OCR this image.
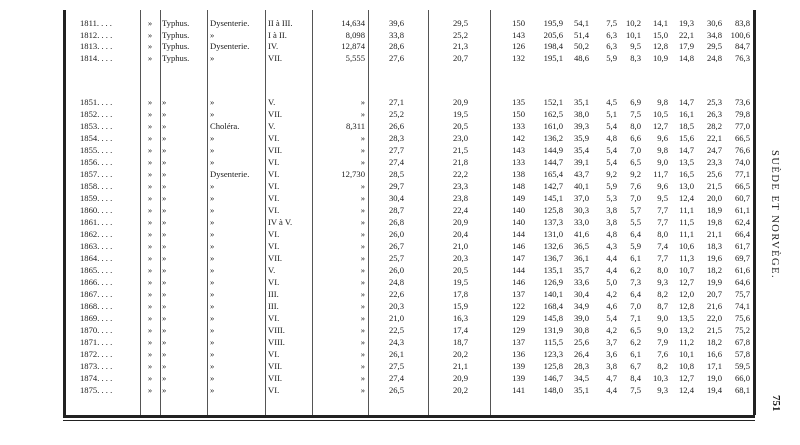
1811. . . .	»	Typhus.	Dysenterie.	II à III.	14,634	39,6	29,5	150	195,9	54,1	7,5	10,2	14,1	19,3	30,6	83,8
1812. . . .	»	Typhus.	»	I à II.	8,098	33,8	25,2	143	205,6	51,4	6,3	10,1	15,0	22,1	34,8	100,6
1813. . . .	»	Typhus.	Dysenterie.	IV.	12,874	28,6	21,3	126	198,4	50,2	6,3	9,5	12,8	17,9	29,5	84,7
1814. . . .	»	Typhus.	»	VII.	5,555	27,6	20,7	132	195,1	48,6	5,9	8,3	10,9	14,8	24,8	76,3
1851. . . .	»	»	»	V.	»	27,1	20,9	135	152,1	35,1	4,5	6,9	9,8	14,7	25,3	73,6
1852. . . .	»	»	»	VII.	»	25,2	19,5	150	162,5	38,0	5,1	7,5	10,5	16,1	26,3	79,8
1853. . . .	»	»	Choléra.	V.	8,311	26,6	20,5	133	161,0	39,3	5,4	8,0	12,7	18,5	28,2	77,0
1854. . . .	»	»	»	VI.	»	28,3	23,0	142	136,2	35,9	4,8	6,6	9,6	15,6	22,1	66,5
1855. . . .	»	»	»	VII.	»	27,7	21,5	143	144,9	35,4	5,4	7,0	9,8	14,7	24,7	76,6
1856. . . .	»	»	»	VI.	»	27,4	21,8	133	144,7	39,1	5,4	6,5	9,0	13,5	23,3	74,0
1857. . . .	»	»	Dysenterie.	VI.	12,730	28,5	22,2	138	165,4	43,7	9,2	9,2	11,7	16,5	25,6	77,1
1858. . . .	»	»	»	VI.	»	29,7	23,3	148	142,7	40,1	5,9	7,6	9,6	13,0	21,5	66,5
1859. . . .	»	»	»	VI.	»	30,4	23,8	149	145,1	37,0	5,3	7,0	9,5	12,4	20,0	60,7
1860. . . .	»	»	»	VI.	»	28,7	22,4	140	125,8	30,3	3,8	5,7	7,7	11,1	18,9	61,1
1861. . . .	»	»	»	IV à V.	»	26,8	20,9	140	137,3	33,0	3,8	5,5	7,7	11,5	19,8	62,4
1862. . . .	»	»	»	VI.	»	26,0	20,4	144	131,0	41,6	4,8	6,4	8,0	11,1	21,1	66,4
1863. . . .	»	»	»	VI.	»	26,7	21,0	146	132,6	36,5	4,3	5,9	7,4	10,6	18,3	61,7
1864. . . .	»	»	»	VII.	»	25,7	20,3	147	136,7	36,1	4,4	6,1	7,7	11,3	19,6	69,7
1865. . . .	»	»	»	V.	»	26,0	20,5	144	135,1	35,7	4,4	6,2	8,0	10,7	18,2	61,6
1866. . . .	»	»	»	VI.	»	24,8	19,5	146	126,9	33,6	5,0	7,3	9,3	12,7	19,9	64,6
1867. . . .	»	»	»	III.	»	22,6	17,8	137	140,1	30,4	4,2	6,4	8,2	12,0	20,7	75,7
1868. . . .	»	»	»	III.	»	20,3	15,9	122	168,4	34,9	4,6	7,0	8,7	12,8	21,6	74,1
1869. . . .	»	»	»	VI.	»	21,0	16,3	129	145,8	39,0	5,4	7,1	9,0	13,5	22,0	75,6
1870. . . .	»	»	»	VIII.	»	22,5	17,4	129	131,9	30,8	4,2	6,5	9,0	13,2	21,5	75,2
1871. . . .	»	»	»	VIII.	»	24,3	18,7	137	115,5	25,6	3,7	6,2	7,9	11,2	18,2	67,8
1872. . . .	»	»	»	VI.	»	26,1	20,2	136	123,3	26,4	3,6	6,1	7,6	10,1	16,6	57,8
1873. . . .	»	»	»	VII.	»	27,5	21,1	139	125,8	28,3	3,8	6,7	8,2	10,8	17,1	59,5
1874. . . .	»	»	»	VII.	»	27,4	20,9	139	146,7	34,5	4,7	8,4	10,3	12,7	19,0	66,0
1875. . . .	»	»	»	VI.	»	26,5	20,2	141	148,0	35,1	4,4	7,5	9,3	12,4	19,4	68,1
SUÈDE ET NORVÈGE.
751
